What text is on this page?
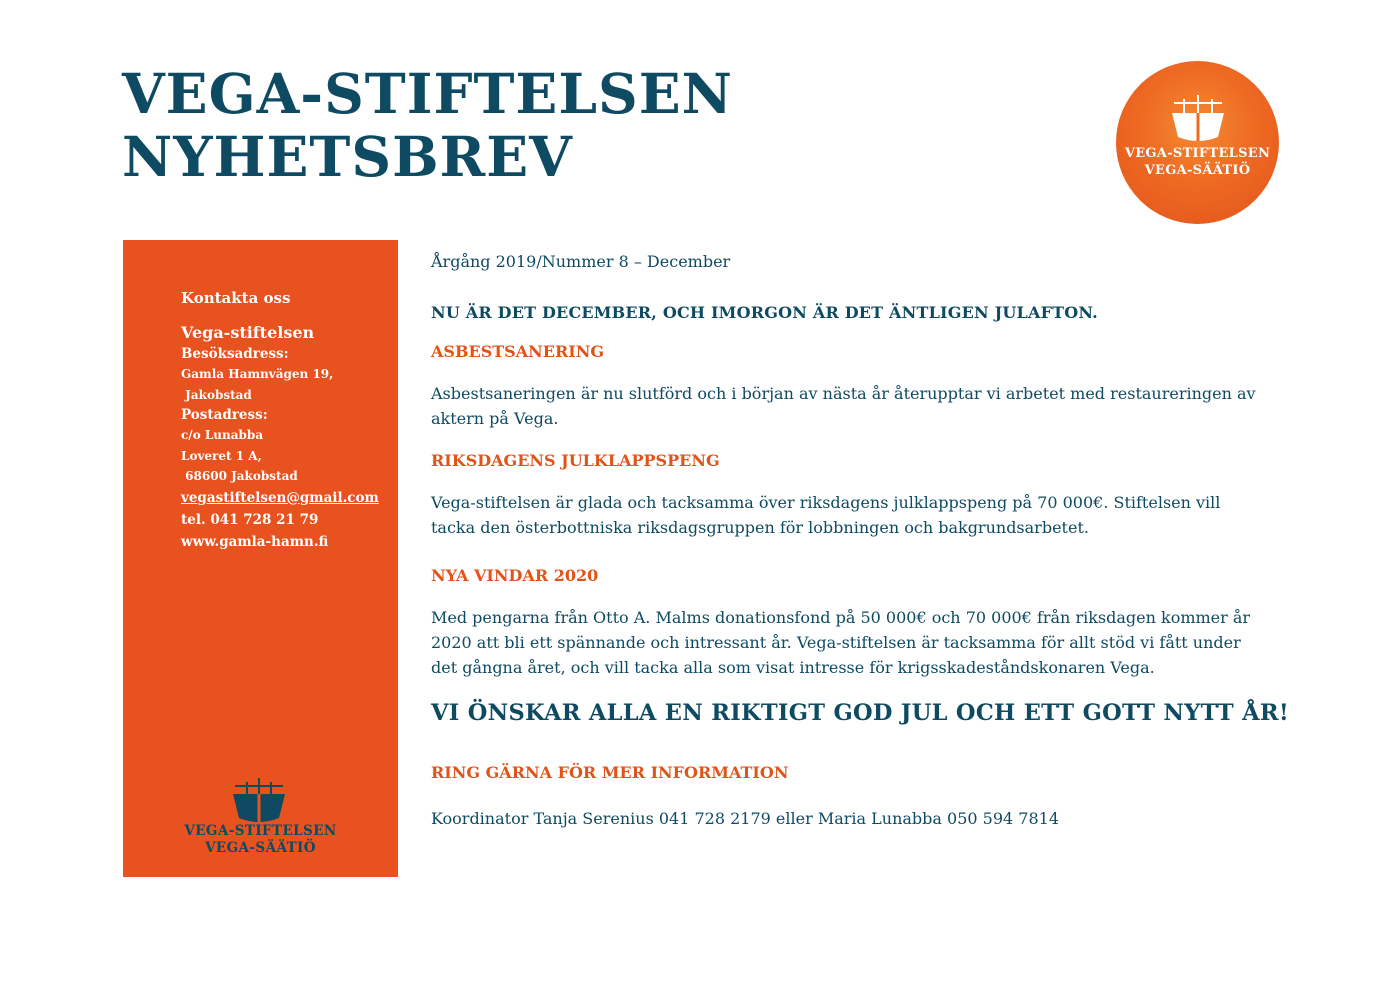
VEGA-STIFTELSEN
NYHETSBREV	VEGA-STIFTELSEN
VEGA-SÄÄTIÖ
Kontakta oss
Vega-stiftelsen
Besöksadress:
Gamla Hamnvägen 19,
Jakobstad
Postadress:
c/o Lunabba
Loveret 1 A,
68600 Jakobstad
vegastiftelsen@gmail.com
tel. 041 728 21 79
www.gamla-hamn.fi
VEGA-STIFTELSEN
VEGA-SÄÄTIÖ
Årgång 2019/Nummer 8 – December
NU ÄR DET DECEMBER, OCH IMORGON ÄR DET ÄNTLIGEN JULAFTON.
ASBESTSANERING
Asbestsaneringen är nu slutförd och i början av nästa år återupptar vi arbetet med restaureringen av aktern på Vega.
RIKSDAGENS JULKLAPPSPENG
Vega-stiftelsen är glada och tacksamma över riksdagens julklappspeng på 70 000€. Stiftelsen vill tacka den österbottniska riksdagsgruppen för lobbningen och bakgrundsarbetet.
NYA VINDAR 2020
Med pengarna från Otto A. Malms donationsfond på 50 000€ och 70 000€ från riksdagen kommer år 2020 att bli ett spännande och intressant år. Vega-stiftelsen är tacksamma för allt stöd vi fått under det gångna året, och vill tacka alla som visat intresse för krigsskadeståndskonaren Vega.
VI ÖNSKAR ALLA EN RIKTIGT GOD JUL OCH ETT GOTT NYTT ÅR!
RING GÄRNA FÖR MER INFORMATION
Koordinator Tanja Serenius 041 728 2179 eller Maria Lunabba 050 594 7814
